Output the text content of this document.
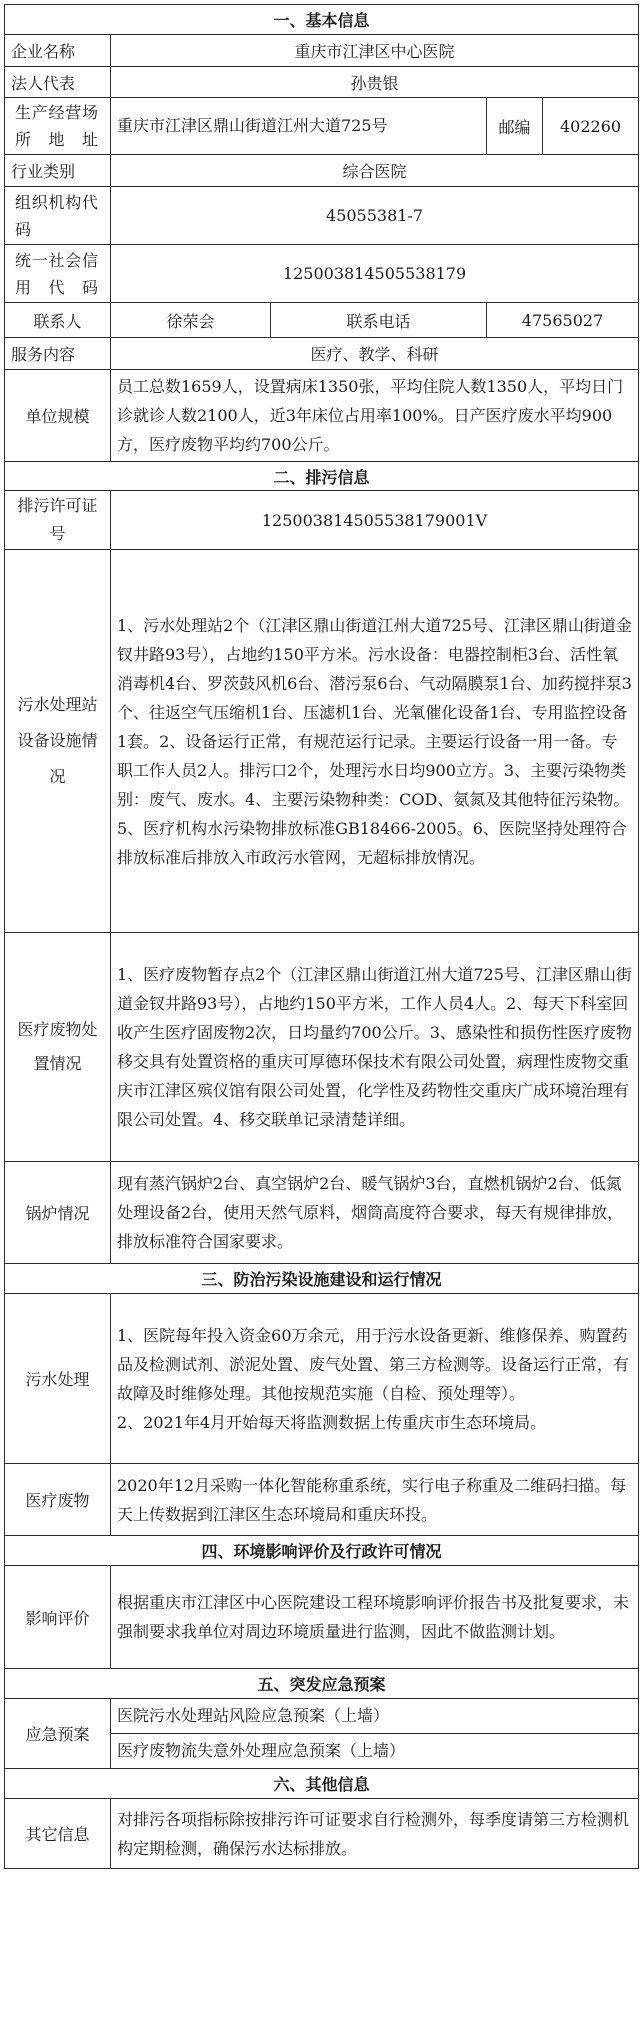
一、基本信息				
企业名称	重庆市江津区中心医院			
法人代表	孙贵银			
生产经营场所地址	重庆市江津区鼎山街道江州大道725号		邮编	402260
行业类别	综合医院			
组织机构代码	45055381-7			
统一社会信用代码	125003814505538179			
联系人	徐荣会	联系电话	47565027	
服务内容	医疗、教学、科研			
单位规模	员工总数1659人，设置病床1350张，平均住院人数1350人，平均日门诊就诊人数2100人，近3年床位占用率100%。日产医疗废水平均900方，医疗废物平均约700公斤。			
二、排污信息				
排污许可证号	125003814505538179001V			
污水处理站设备设施情况	1、污水处理站2个（江津区鼎山街道江州大道725号、江津区鼎山街道金钗井路93号），占地约150平方米。污水设备：电器控制柜3台、活性氧消毒机4台、罗茨鼓风机6台、潜污泵6台、气动隔膜泵1台、加药搅拌泵3个、往返空气压缩机1台、压滤机1台、光氧催化设备1台、专用监控设备1套。2、设备运行正常，有规范运行记录。主要运行设备一用一备。专职工作人员2人。排污口2个，处理污水日均900立方。3、主要污染物类别：废气、废水。4、主要污染物种类：COD、氨氮及其他特征污染物。5、医疗机构水污染物排放标准GB18466-2005。6、医院坚持处理符合排放标准后排放入市政污水管网，无超标排放情况。			
医疗废物处置情况	1、医疗废物暂存点2个（江津区鼎山街道江州大道725号、江津区鼎山街道金钗井路93号），占地约150平方米，工作人员4人。2、每天下科室回收产生医疗固废物2次，日均量约700公斤。3、感染性和损伤性医疗废物移交具有处置资格的重庆可厚德环保技术有限公司处置，病理性废物交重庆市江津区殡仪馆有限公司处置，化学性及药物性交重庆广成环境治理有限公司处置。4、移交联单记录清楚详细。			
锅炉情况	现有蒸汽锅炉2台、真空锅炉2台、暖气锅炉3台，直燃机锅炉2台、低氮处理设备2台，使用天然气原料，烟筒高度符合要求，每天有规律排放，排放标准符合国家要求。			
三、防治污染设施建设和运行情况				
污水处理	1、医院每年投入资金60万余元，用于污水设备更新、维修保养、购置药品及检测试剂、淤泥处置、废气处置、第三方检测等。设备运行正常，有故障及时维修处理。其他按规范实施（自检、预处理等）。
2、2021年4月开始每天将监测数据上传重庆市生态环境局。			

医疗废物	2020年12月采购一体化智能称重系统，实行电子称重及二维码扫描。每天上传数据到江津区生态环境局和重庆环投。			
四、环境影响评价及行政许可情况				
影响评价	根据重庆市江津区中心医院建设工程环境影响评价报告书及批复要求，未强制要求我单位对周边环境质量进行监测，因此不做监测计划。			
五、突发应急预案				
应急预案	医院污水处理站风险应急预案（上墙）			
	医疗废物流失意外处理应急预案（上墙）			
六、其他信息				
其它信息	对排污各项指标除按排污许可证要求自行检测外，每季度请第三方检测机构定期检测，确保污水达标排放。			
